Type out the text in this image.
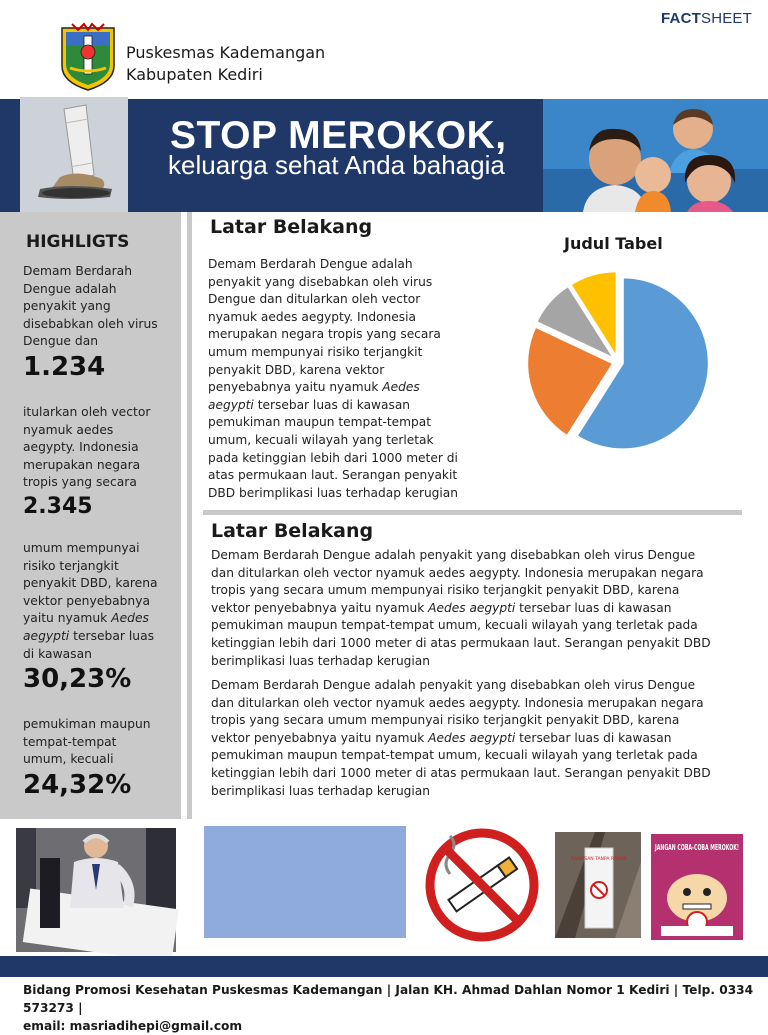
Puskesmas Kademangan
Kabupaten Kediri
FACTSHEET
STOP MEROKOK,
keluarga sehat Anda bahagia
HIGHLIGTS
Demam Berdarah
Dengue adalah
penyakit yang
disebabkan oleh virus
Dengue dan
1.234
itularkan oleh vector
nyamuk aedes
aegypty. Indonesia
merupakan negara
tropis yang secara
2.345
umum mempunyai
risiko terjangkit
penyakit DBD, karena
vektor penyebabnya
yaitu nyamuk Aedes
aegypti tersebar luas
di kawasan
30,23%
pemukiman maupun
tempat-tempat
umum, kecuali
24,32%
Latar Belakang
Demam Berdarah Dengue adalah
penyakit yang disebabkan oleh virus
Dengue dan ditularkan oleh vector
nyamuk aedes aegypty. Indonesia
merupakan negara tropis yang secara
umum mempunyai risiko terjangkit
penyakit DBD, karena vektor
penyebabnya yaitu nyamuk Aedes
aegypti tersebar luas di kawasan
pemukiman maupun tempat-tempat
umum, kecuali wilayah yang terletak
pada ketinggian lebih dari 1000 meter di
atas permukaan laut. Serangan penyakit
DBD berimplikasi luas terhadap kerugian
Judul Tabel
Latar Belakang
Demam Berdarah Dengue adalah penyakit yang disebabkan oleh virus Dengue
dan ditularkan oleh vector nyamuk aedes aegypty. Indonesia merupakan negara
tropis yang secara umum mempunyai risiko terjangkit penyakit DBD, karena
vektor penyebabnya yaitu nyamuk Aedes aegypti tersebar luas di kawasan
pemukiman maupun tempat-tempat umum, kecuali wilayah yang terletak pada
ketinggian lebih dari 1000 meter di atas permukaan laut. Serangan penyakit DBD
berimplikasi luas terhadap kerugian
Demam Berdarah Dengue adalah penyakit yang disebabkan oleh virus Dengue
dan ditularkan oleh vector nyamuk aedes aegypty. Indonesia merupakan negara
tropis yang secara umum mempunyai risiko terjangkit penyakit DBD, karena
vektor penyebabnya yaitu nyamuk Aedes aegypti tersebar luas di kawasan
pemukiman maupun tempat-tempat umum, kecuali wilayah yang terletak pada
ketinggian lebih dari 1000 meter di atas permukaan laut. Serangan penyakit DBD
berimplikasi luas terhadap kerugian
KAWASAN TANPA ROKOK
JANGAN COBA-COBA MEROKOK!
Bidang Promosi Kesehatan Puskesmas Kademangan | Jalan KH. Ahmad Dahlan Nomor 1 Kediri | Telp. 0334 573273 |
email: masriadihepi@gmail.com
